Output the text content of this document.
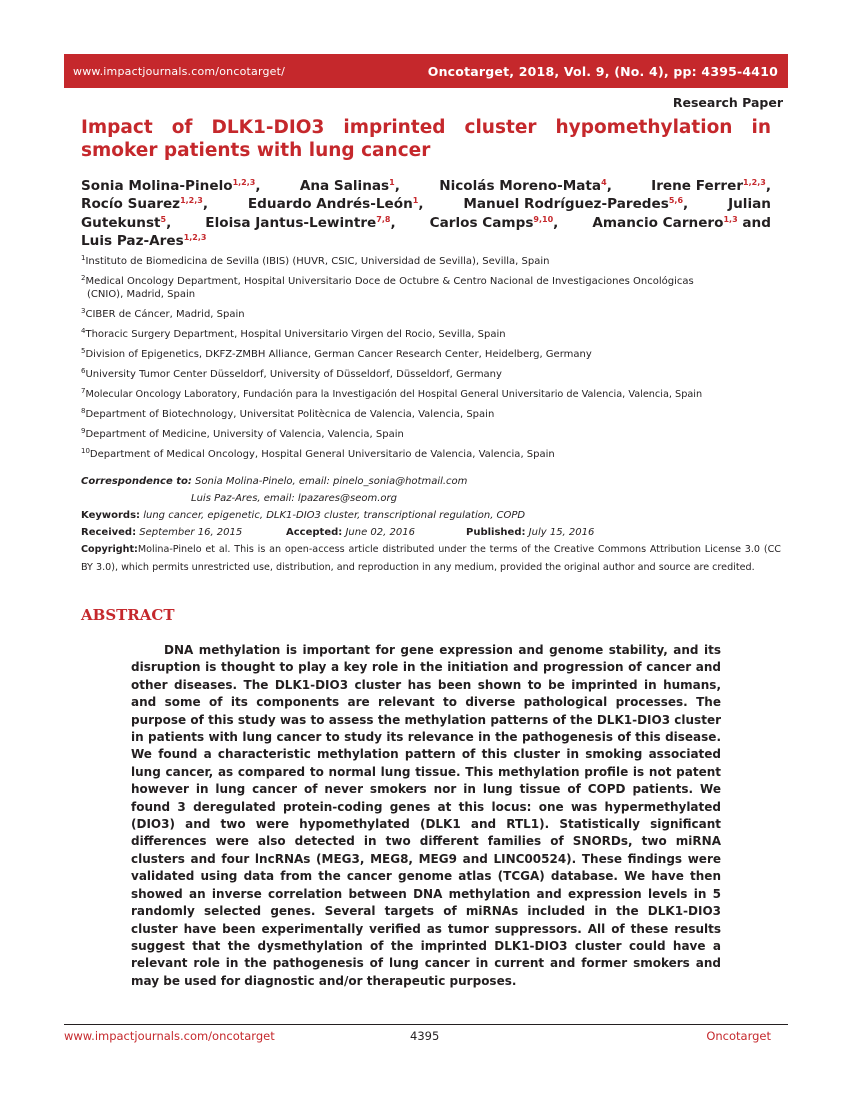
www.impactjournals.com/oncotarget/	Oncotarget, 2018, Vol. 9, (No. 4), pp: 4395-4410
Research Paper
Impact of DLK1-DIO3 imprinted cluster hypomethylation in
smoker patients with lung cancer
Sonia Molina-Pinelo$^{1,2,3}$,	Ana Salinas$^1$,	Nicolás Moreno-Mata$^4$,	Irene Ferrer$^{1,2,3}$,
Rocío Suarez$^{1,2,3}$,	Eduardo Andrés-León$^1$,	Manuel Rodríguez-Paredes$^{5,6}$,	Julian
Gutekunst$^5$,	Eloisa Jantus-Lewintre$^{7,8}$,	Carlos Camps$^{9,10}$,	Amancio Carnero$^{1,3}$ and
Luis Paz-Ares$^{1,2,3}$
$^1$Instituto de Biomedicina de Sevilla (IBIS) (HUVR, CSIC, Universidad de Sevilla), Sevilla, Spain
$^2$Medical Oncology Department, Hospital Universitario Doce de Octubre & Centro Nacional de Investigaciones Oncológicas
(CNIO), Madrid, Spain
$^3$CIBER de Cáncer, Madrid, Spain
$^4$Thoracic Surgery Department, Hospital Universitario Virgen del Rocio, Sevilla, Spain
$^5$Division of Epigenetics, DKFZ-ZMBH Alliance, German Cancer Research Center, Heidelberg, Germany
$^6$University Tumor Center Düsseldorf, University of Düsseldorf, Düsseldorf, Germany
$^7$Molecular Oncology Laboratory, Fundación para la Investigación del Hospital General Universitario de Valencia, Valencia, Spain
$^8$Department of Biotechnology, Universitat Politècnica de Valencia, Valencia, Spain
$^9$Department of Medicine, University of Valencia, Valencia, Spain
$^{10}$Department of Medical Oncology, Hospital General Universitario de Valencia, Valencia, Spain
Correspondence to: Sonia Molina-Pinelo, email: pinelo_sonia@hotmail.com
Luis Paz-Ares, email: lpazares@seom.org
Keywords: lung cancer, epigenetic, DLK1-DIO3 cluster, transcriptional regulation, COPD
Received: September 16, 2015	Accepted: June 02, 2016	Published: July 15, 2016
Copyright:Molina-Pinelo et al. This is an open-access article distributed under the terms of the Creative Commons Attribution License 3.0 (CC BY 3.0), which permits unrestricted use, distribution, and reproduction in any medium, provided the original author and source are credited.
ABSTRACT

DNA methylation is important for gene expression and genome stability, and its disruption is thought to play a key role in the initiation and progression of cancer and other diseases. The DLK1-DIO3 cluster has been shown to be imprinted in humans, and some of its components are relevant to diverse pathological processes. The purpose of this study was to assess the methylation patterns of the DLK1-DIO3 cluster in patients with lung cancer to study its relevance in the pathogenesis of this disease. We found a characteristic methylation pattern of this cluster in smoking associated lung cancer, as compared to normal lung tissue. This methylation profile is not patent however in lung cancer of never smokers nor in lung tissue of COPD patients. We found 3 deregulated protein-coding genes at this locus: one was hypermethylated (DIO3) and two were hypomethylated (DLK1 and RTL1). Statistically significant differences were also detected in two different families of SNORDs, two miRNA clusters and four lncRNAs (MEG3, MEG8, MEG9 and LINC00524). These findings were validated using data from the cancer genome atlas (TCGA) database. We have then showed an inverse correlation between DNA methylation and expression levels in 5 randomly selected genes. Several targets of miRNAs included in the DLK1-DIO3 cluster have been experimentally verified as tumor suppressors. All of these results suggest that the dysmethylation of the imprinted DLK1-DIO3 cluster could have a relevant role in the pathogenesis of lung cancer in current and former smokers and may be used for diagnostic and/or therapeutic purposes.

www.impactjournals.com/oncotarget	4395	Oncotarget
